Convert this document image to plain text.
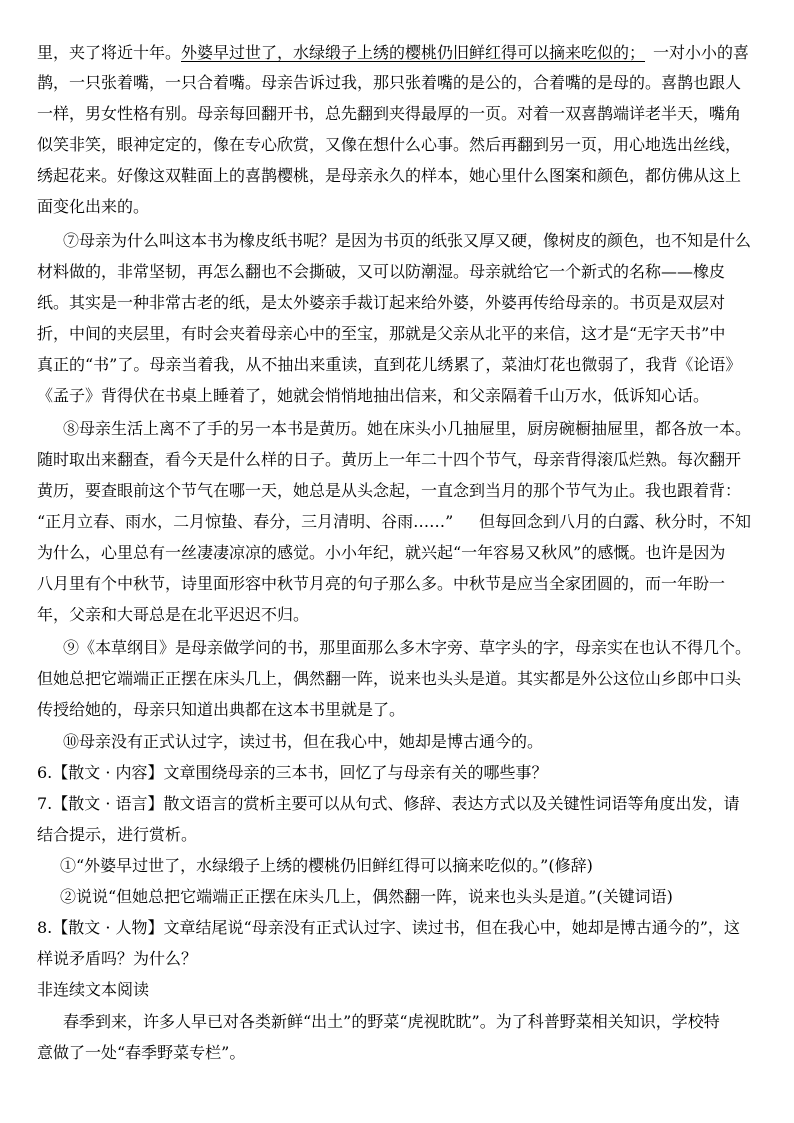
里，夹了将近十年。 外婆早过世了，水绿缎子上绣的樱桃仍旧鲜红得可以摘来吃似的； 一对小小的喜
鹊，一只张着嘴，一只合着嘴。母亲告诉过我，那只张着嘴的是公的，合着嘴的是母的。喜鹊也跟人
一样，男女性格有别。母亲每回翻开书，总先翻到夹得最厚的一页。对着一双喜鹊端详老半天，嘴角
似笑非笑，眼神定定的，像在专心欣赏，又像在想什么心事。然后再翻到另一页，用心地选出丝线，
绣起花来。好像这双鞋面上的喜鹊樱桃，是母亲永久的样本，她心里什么图案和颜色，都仿佛从这上
面变化出来的。
⑦母亲为什么叫这本书为橡皮纸书呢？是因为书页的纸张又厚又硬，像树皮的颜色，也不知是什么
材料做的，非常坚韧，再怎么翻也不会撕破，又可以防潮湿。母亲就给它一个新式的名称——橡皮
纸。其实是一种非常古老的纸，是太外婆亲手裁订起来给外婆，外婆再传给母亲的。书页是双层对
折，中间的夹层里，有时会夹着母亲心中的至宝，那就是父亲从北平的来信，这才是“无字天书”中
真正的“书”了。母亲当着我，从不抽出来重读，直到花儿绣累了，菜油灯花也微弱了，我背《论语》
《孟子》背得伏在书桌上睡着了，她就会悄悄地抽出信来，和父亲隔着千山万水，低诉知心话。
⑧母亲生活上离不了手的另一本书是黄历。她在床头小几抽屉里，厨房碗橱抽屉里，都各放一本。
随时取出来翻查，看今天是什么样的日子。黄历上一年二十四个节气，母亲背得滚瓜烂熟。每次翻开
黄历，要查眼前这个节气在哪一天，她总是从头念起，一直念到当月的那个节气为止。我也跟着背：
“正月立春、雨水，二月惊蛰、春分，三月清明、谷雨……” 但每回念到八月的白露、秋分时，不知
为什么，心里总有一丝凄凄凉凉的感觉。小小年纪，就兴起“一年容易又秋风”的感慨。也许是因为
八月里有个中秋节，诗里面形容中秋节月亮的句子那么多。中秋节是应当全家团圆的，而一年盼一
年，父亲和大哥总是在北平迟迟不归。
⑨《本草纲目》是母亲做学问的书，那里面那么多木字旁、草字头的字，母亲实在也认不得几个。
但她总把它端端正正摆在床头几上，偶然翻一阵，说来也头头是道。其实都是外公这位山乡郎中口头
传授给她的，母亲只知道出典都在这本书里就是了。
⑩母亲没有正式认过字，读过书，但在我心中，她却是博古通今的。
6.【散文 · 内容】文章围绕母亲的三本书，回忆了与母亲有关的哪些事？
7.【散文 · 语言】散文语言的赏析主要可以从句式、修辞、表达方式以及关键性词语等角度出发，请
结合提示，进行赏析。
①“外婆早过世了，水绿缎子上绣的樱桃仍旧鲜红得可以摘来吃似的。”(修辞)
②说说“但她总把它端端正正摆在床头几上，偶然翻一阵，说来也头头是道。”(关键词语)
8.【散文 · 人物】文章结尾说“母亲没有正式认过字、读过书，但在我心中，她却是博古通今的”，这
样说矛盾吗？为什么？
非连续文本阅读
春季到来，许多人早已对各类新鲜“出土”的野菜“虎视眈眈”。为了科普野菜相关知识，学校特
意做了一处“春季野菜专栏”。
